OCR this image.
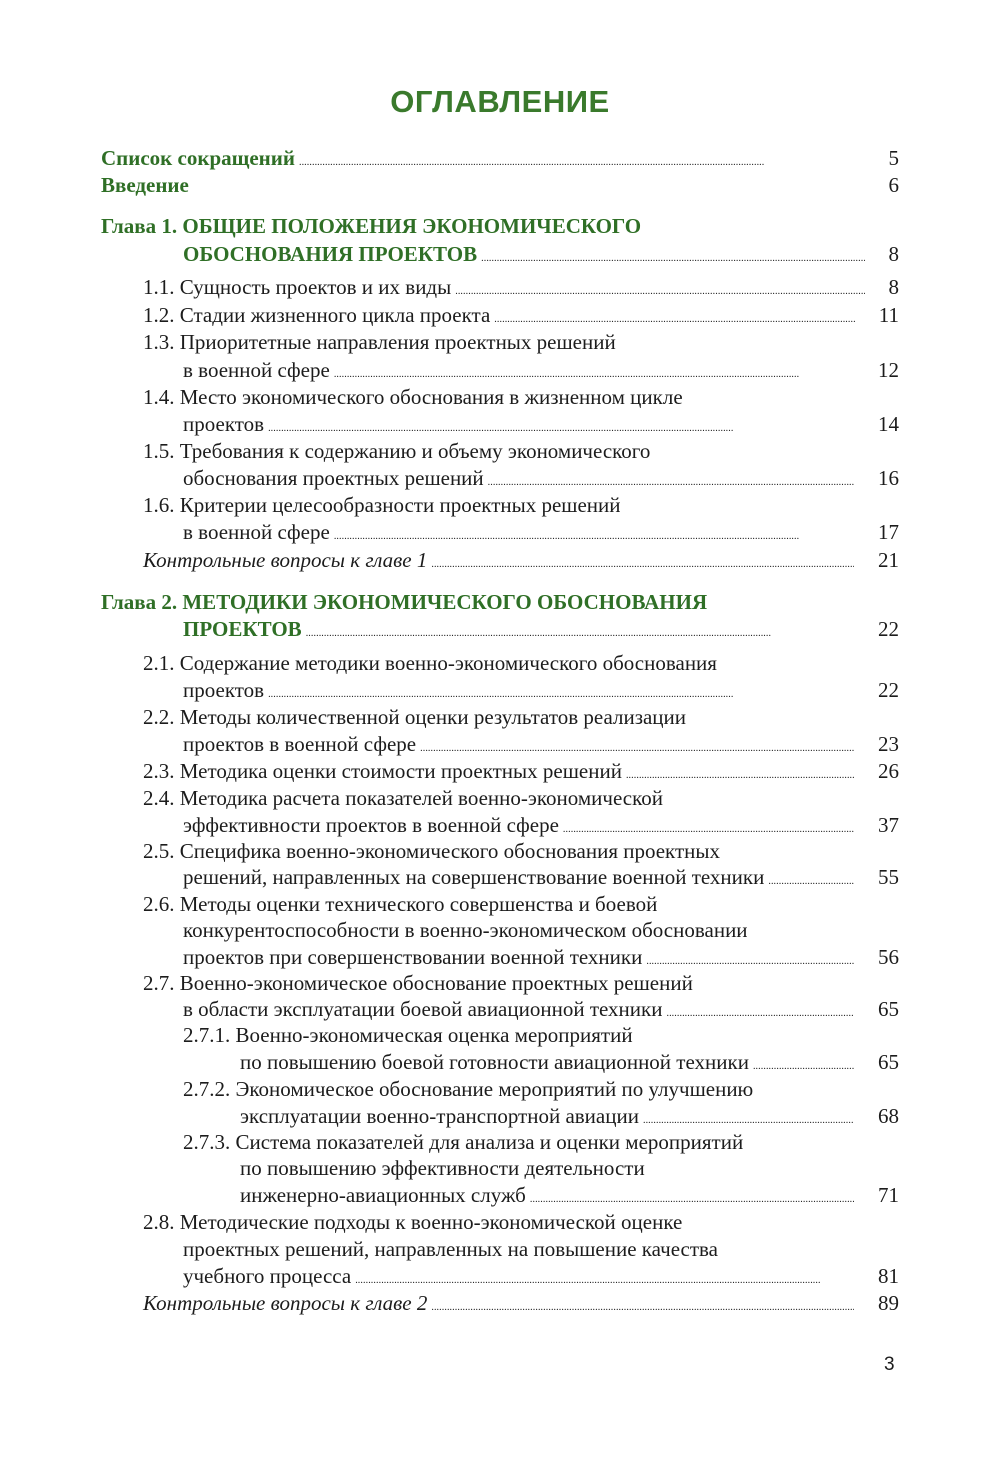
ОГЛАВЛЕНИЕ
Список сокращений . . .	5
Введение	6
Глава 1. ОБЩИЕ ПОЛОЖЕНИЯ ЭКОНОМИЧЕСКОГО
ОБОСНОВАНИЯ ПРОЕКТОВ . . .	8
1.1. Сущность проектов и их виды . . .	8
1.2. Стадии жизненного цикла проекта . . .	11
1.3. Приоритетные направления проектных решений
в военной сфере . . .	12
1.4. Место экономического обоснования в жизненном цикле
проектов . . .	14
1.5. Требования к содержанию и объему экономического
обоснования проектных решений . . .	16
1.6. Критерии целесообразности проектных решений
в военной сфере . . .	17
Контрольные вопросы к главе 1 . . .	21
Глава 2. МЕТОДИКИ ЭКОНОМИЧЕСКОГО ОБОСНОВАНИЯ
ПРОЕКТОВ . . .	22
2.1. Содержание методики военно-экономического обоснования
проектов . . .	22
2.2. Методы количественной оценки результатов реализации
проектов в военной сфере . . .	23
2.3. Методика оценки стоимости проектных решений . . .	26
2.4. Методика расчета показателей военно-экономической
эффективности проектов в военной сфере . . .	37
2.5. Специфика военно-экономического обоснования проектных
решений, направленных на совершенствование военной техники . . .	55
2.6. Методы оценки технического совершенства и боевой
конкурентоспособности в военно-экономическом обосновании
проектов при совершенствовании военной техники . . .	56
2.7. Военно-экономическое обоснование проектных решений
в области эксплуатации боевой авиационной техники . . .	65
2.7.1. Военно-экономическая оценка мероприятий
по повышению боевой готовности авиационной техники . . .	65
2.7.2. Экономическое обоснование мероприятий по улучшению
эксплуатации военно-транспортной авиации . . .	68
2.7.3. Система показателей для анализа и оценки мероприятий
по повышению эффективности деятельности
инженерно-авиационных служб . . .	71
2.8. Методические подходы к военно-экономической оценке
проектных решений, направленных на повышение качества
учебного процесса . . .	81
Контрольные вопросы к главе 2 . . .	89
3
